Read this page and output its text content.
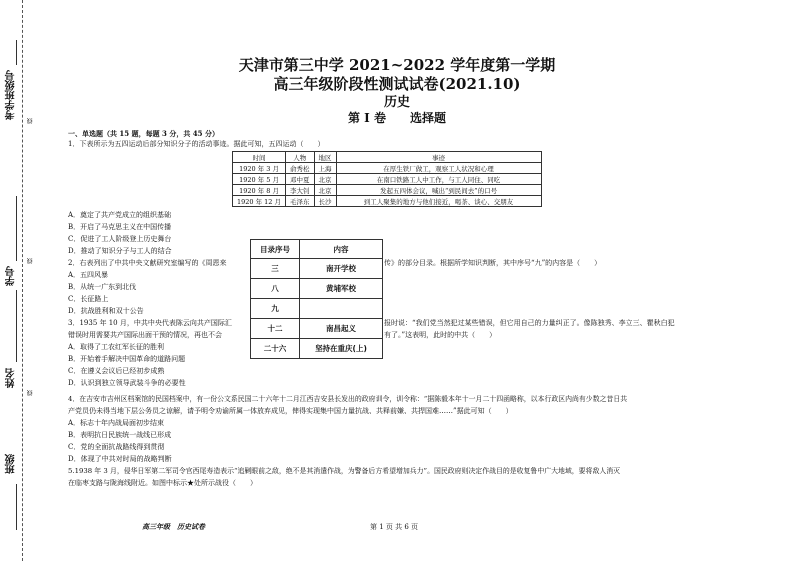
考学班级号
线
学号
线
姓名
线
班级
天津市第三中学 2021~2022 学年度第一学期
高三年级阶段性测试试卷(2021.10)
历史
第 I 卷　　选择题
一、单选题（共 15 题，每题 3 分，共 45 分）
1．下表所示为五四运动后部分知识分子的活动事迹。据此可知，五四运动（　　）
时间	人物	地区	事迹
1920 年 3 月	俞秀松	上海	在厚生铁厂做工，观察工人状况和心理
1920 年 5 月	邓中夏	北京	在南口铁路工人中工作，与工人同住、同吃
1920 年 8 月	李大钊	北京	发起五四体会议，喊出“到民间去”的口号
1920 年 12 月	毛泽东	长沙	到工人聚集的地方与他们接近，喝茶、谈心、交朋友
A．奠定了共产党成立的组织基础
B．开启了马克思主义在中国传播
C．促进了工人阶级登上历史舞台
D．推动了知识分子与工人的结合
2．右表列出了中共中央文献研究室编写的《周恩来	传》的部分目录。根据所学知识判断，其中序号“九”的内容是（　　）
目录序号	内容
三	南开学校
八	黄埔军校
九	
十二	南昌起义
二十六	坚持在重庆(上)
A．五四风暴
B．从统一广东到北伐
C．长征路上
D．抗战胜利和双十公告
3．1935 年 10 月，中共中央代表陈云向共产国际汇	报时说：“我们党当然犯过某些错误，但它用自己的力量纠正了。像陈独秀、李立三、瞿秋白犯
错误时用需要共产国际出面干预的情况，再也不会	有了。”这表明，此时的中共（　　）
A．取得了工农红军长征的胜利
B．开始着手解决中国革命的道路问题
C．在遵义会议后已经初步成熟
D．认识到独立领导武装斗争的必要性
4．在吉安市吉州区档案馆的民国档案中，有一份公文系民国二十六年十二月江西吉安县长发出的政府训令，训令称：“据陈毅本年十一月二十四函略称，以本行政区内尚有少数之昔日共
产党员仍未得当地下层公务员之谅解，请予明令劝谕所属一体放弃成见，俾得实现集中国力量抗战、共释前嫌、共捍国难……”据此可知（　　）
A．标志十年内战局面初步结束
B．表明抗日民族统一战线已形成
C．党的全面抗战路线得到贯彻
D．体现了中共对时局的战略判断
5.1938 年 3 月，侵华日军第二军司令官西尾寿造表示“追剿眼前之敌，绝不是其消遣作战，为警备后方希望增加兵力”。国民政府则决定作战目的是收复鲁中广大地域，要将敌人消灭
在临枣支路与陇海线附近。如图中标示★处所示战役（　　）
高三年级　历史试卷	第 1 页 共 6 页
